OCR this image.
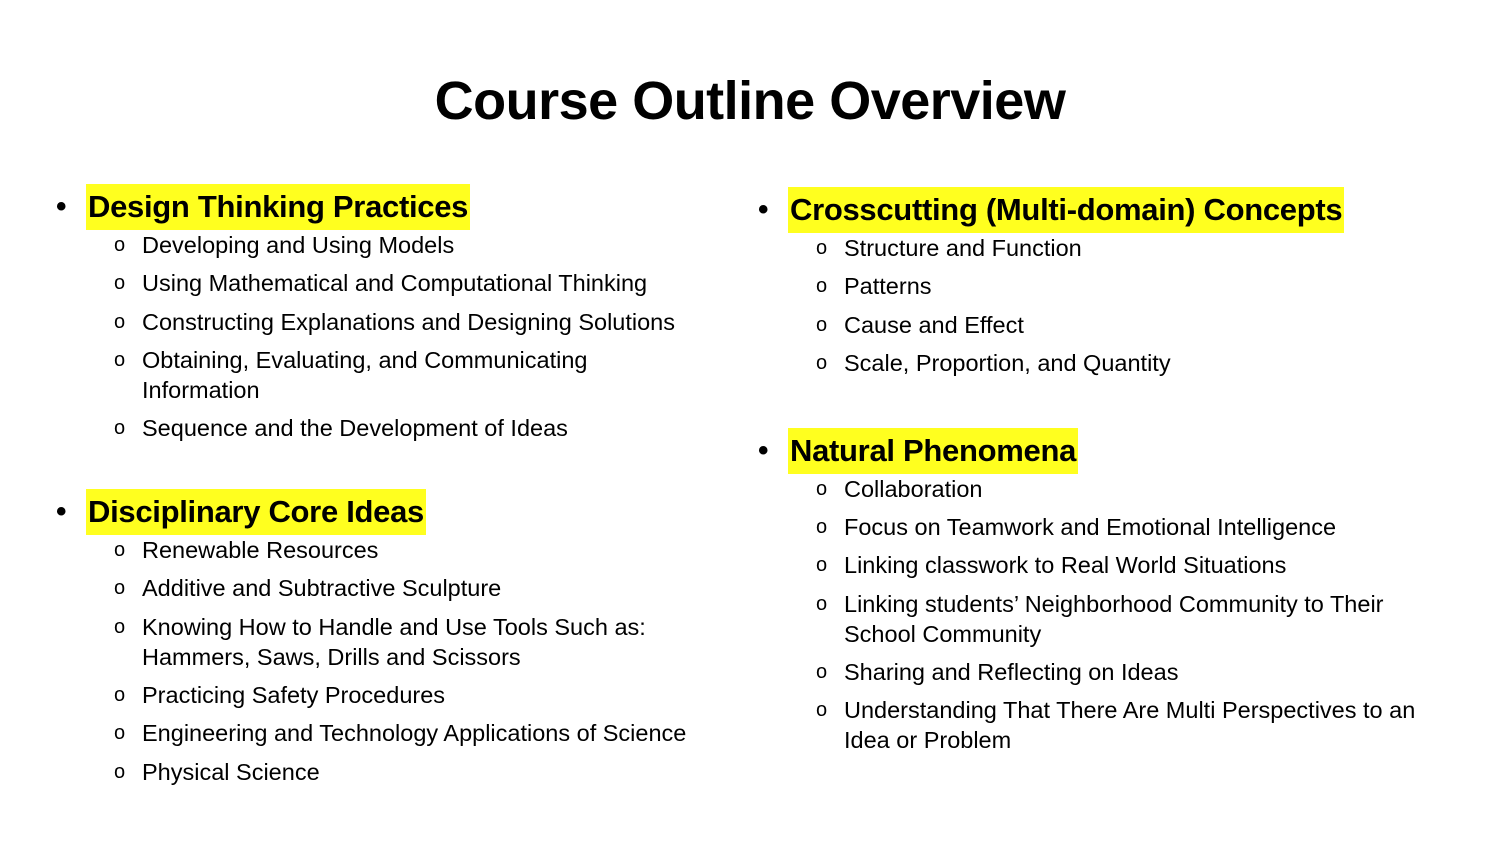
Course Outline Overview
• Design Thinking Practices
o Developing and Using Models
o Using Mathematical and Computational Thinking
o Constructing Explanations and Designing Solutions
o Obtaining, Evaluating, and Communicating Information
o Sequence and the Development of Ideas
• Disciplinary Core Ideas
o Renewable Resources
o Additive and Subtractive Sculpture
o Knowing How to Handle and Use Tools Such as: Hammers, Saws, Drills and Scissors
o Practicing Safety Procedures
o Engineering and Technology Applications of Science
o Physical Science
• Crosscutting (Multi-domain) Concepts
o Structure and Function
o Patterns
o Cause and Effect
o Scale, Proportion, and Quantity
• Natural Phenomena
o Collaboration
o Focus on Teamwork and Emotional Intelligence
o Linking classwork to Real World Situations
o Linking students’ Neighborhood Community to Their School Community
o Sharing and Reflecting on Ideas
o Understanding That There Are Multi Perspectives to an Idea or Problem
